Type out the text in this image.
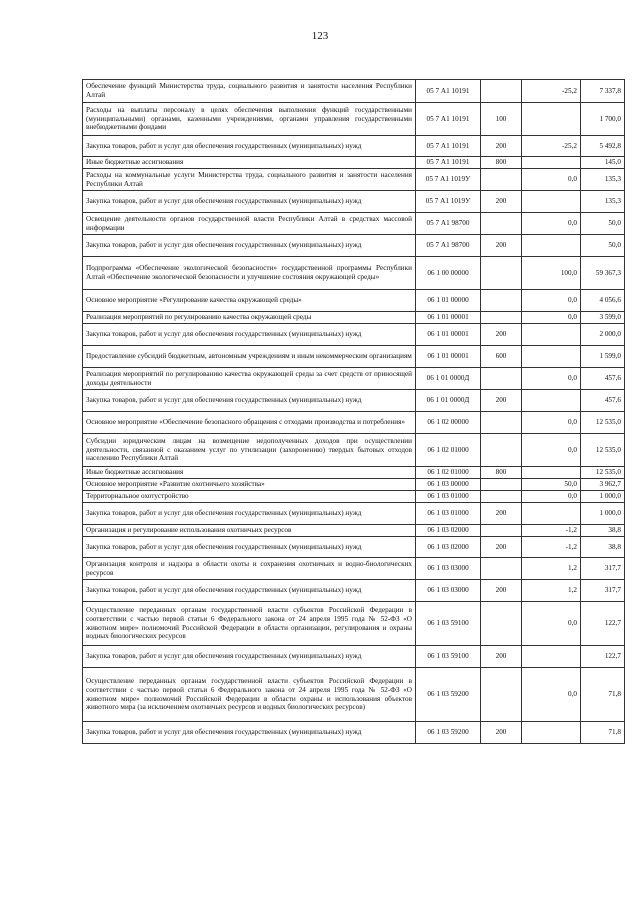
123
Обеспечение функций Министерства труда, социального развития и занятости населения Республики Алтай	05 7 А1 10191		-25,2	7 337,8
Расходы на выплаты персоналу в целях обеспечения выполнения функций государственными (муниципальными) органами, казенными учреждениями, органами управления государственными внебюджетными фондами	05 7 А1 10191	100		1 700,0
Закупка товаров, работ и услуг для обеспечения государственных (муниципальных) нужд	05 7 А1 10191	200	-25,2	5 492,8
Иные бюджетные ассигнования	05 7 А1 10191	800		145,0
Расходы на коммунальные услуги Министерства труда, социального развития и занятости населения Республики Алтай	05 7 А1 1019У		0,0	135,3
Закупка товаров, работ и услуг для обеспечения государственных (муниципальных) нужд	05 7 А1 1019У	200		135,3
Освещение деятельности органов государственной власти Республики Алтай в средствах массовой информации	05 7 А1 98700		0,0	50,0
Закупка товаров, работ и услуг для обеспечения государственных (муниципальных) нужд	05 7 А1 98700	200		50,0
Подпрограмма «Обеспечение экологической безопасности» государственной программы Республики Алтай «Обеспечение экологической безопасности и улучшение состояния окружающей среды»	06 1 00 00000		100,0	59 367,3
Основное мероприятие «Регулирование качества окружающей среды»	06 1 01 00000		0,0	4 056,6
Реализация мероприятий по регулированию качества окружающей среды	06 1 01 00001		0,0	3 599,0
Закупка товаров, работ и услуг для обеспечения государственных (муниципальных) нужд	06 1 01 00001	200		2 000,0
Предоставление субсидий бюджетным, автономным учреждениям и иным некоммерческим организациям	06 1 01 00001	600		1 599,0
Реализация мероприятий по регулированию качества окружающей среды за счет средств от приносящей доходы деятельности	06 1 01 0000Д		0,0	457,6
Закупка товаров, работ и услуг для обеспечения государственных (муниципальных) нужд	06 1 01 0000Д	200		457,6
Основное мероприятие «Обеспечение безопасного обращения с отходами производства и потребления»	06 1 02 00000		0,0	12 535,0
Субсидии юридическим лицам на возмещение недополученных доходов при осуществлении деятельности, связанной с оказанием услуг по утилизации (захоронению) твердых бытовых отходов населению Республики Алтай	06 1 02 01000		0,0	12 535,0
Иные бюджетные ассигнования	06 1 02 01000	800		12 535,0
Основное мероприятие «Развитие охотничьего хозяйства»	06 1 03 00000		50,0	3 962,7
Территориальное охотустройство	06 1 03 01000		0,0	1 000,0
Закупка товаров, работ и услуг для обеспечения государственных (муниципальных) нужд	06 1 03 01000	200		1 000,0
Организация и регулирование использования охотничьих ресурсов	06 1 03 02000		-1,2	38,8
Закупка товаров, работ и услуг для обеспечения государственных (муниципальных) нужд	06 1 03 02000	200	-1,2	38,8
Организация контроля и надзора в области охоты и сохранения охотничьих и водно-биологических ресурсов	06 1 03 03000		1,2	317,7
Закупка товаров, работ и услуг для обеспечения государственных (муниципальных) нужд	06 1 03 03000	200	1,2	317,7
Осуществление переданных органам государственной власти субъектов Российской Федерации в соответствии с частью первой статьи 6 Федерального закона от 24 апреля 1995 года № 52-ФЗ «О животном мире» полномочий Российской Федерации в области организации, регулирования и охраны водных биологических ресурсов	06 1 03 59100		0,0	122,7
Закупка товаров, работ и услуг для обеспечения государственных (муниципальных) нужд	06 1 03 59100	200		122,7
Осуществление переданных органам государственной власти субъектов Российской Федерации в соответствии с частью первой статьи 6 Федерального закона от 24 апреля 1995 года № 52-ФЗ «О животном мире» полномочий Российской Федерации в области охраны и использования объектов животного мира (за исключением охотничьих ресурсов и водных биологических ресурсов)	06 1 03 59200		0,0	71,8
Закупка товаров, работ и услуг для обеспечения государственных (муниципальных) нужд	06 1 03 59200	200		71,8
